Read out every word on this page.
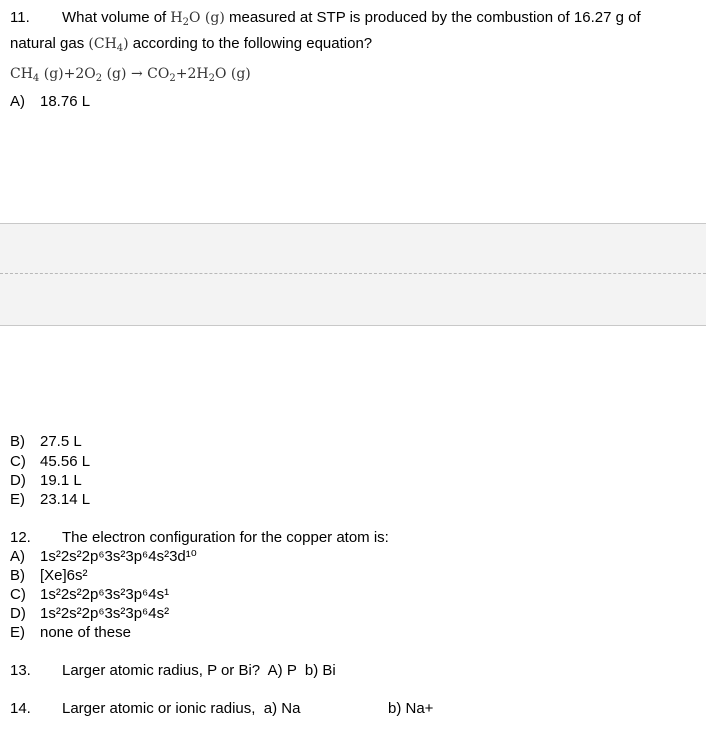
11. What volume of $H_2O$ (g) measured at STP is produced by the combustion of 16.27 g of
natural gas $(CH_4)$ according to the following equation?
$CH_4$ $(g)+2O_2$ $(g) \to CO_2+2H_2O$ (g)
A) 18.76 L
B) 27.5 L
C) 45.56 L
D) 19.1 L
E) 23.14 L
12. The electron configuration for the copper atom is:
A) 1s²2s²2p⁶3s²3p⁶4s²3d¹⁰
B) [Xe]6s²
C) 1s²2s²2p⁶3s²3p⁶4s¹
D) 1s²2s²2p⁶3s²3p⁶4s²
E) none of these
13. Larger atomic radius, P or Bi?  A) P  b) Bi
14. Larger atomic or ionic radius,  a) Na	b) Na+
